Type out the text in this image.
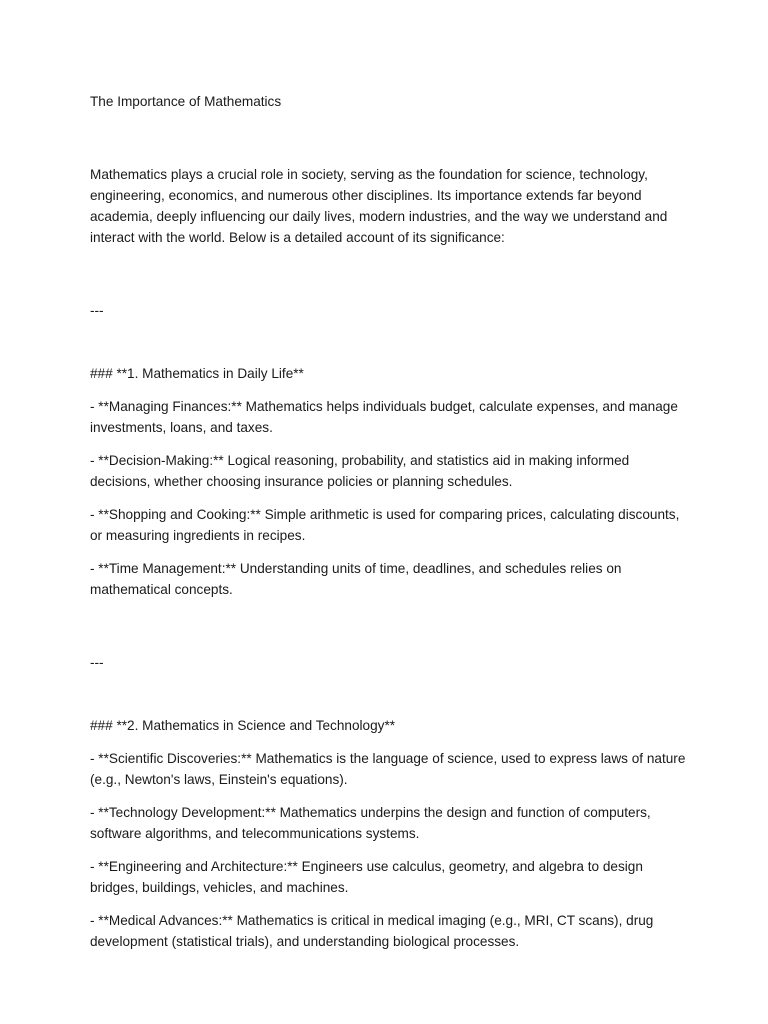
The Importance of Mathematics

Mathematics plays a crucial role in society, serving as the foundation for science, technology, engineering, economics, and numerous other disciplines. Its importance extends far beyond academia, deeply influencing our daily lives, modern industries, and the way we understand and interact with the world. Below is a detailed account of its significance:

---

### **1. Mathematics in Daily Life**

- **Managing Finances:** Mathematics helps individuals budget, calculate expenses, and manage investments, loans, and taxes.

- **Decision-Making:** Logical reasoning, probability, and statistics aid in making informed decisions, whether choosing insurance policies or planning schedules.

- **Shopping and Cooking:** Simple arithmetic is used for comparing prices, calculating discounts, or measuring ingredients in recipes.

- **Time Management:** Understanding units of time, deadlines, and schedules relies on mathematical concepts.

---

### **2. Mathematics in Science and Technology**

- **Scientific Discoveries:** Mathematics is the language of science, used to express laws of nature (e.g., Newton's laws, Einstein's equations).

- **Technology Development:** Mathematics underpins the design and function of computers, software algorithms, and telecommunications systems.

- **Engineering and Architecture:** Engineers use calculus, geometry, and algebra to design bridges, buildings, vehicles, and machines.

- **Medical Advances:** Mathematics is critical in medical imaging (e.g., MRI, CT scans), drug development (statistical trials), and understanding biological processes.
